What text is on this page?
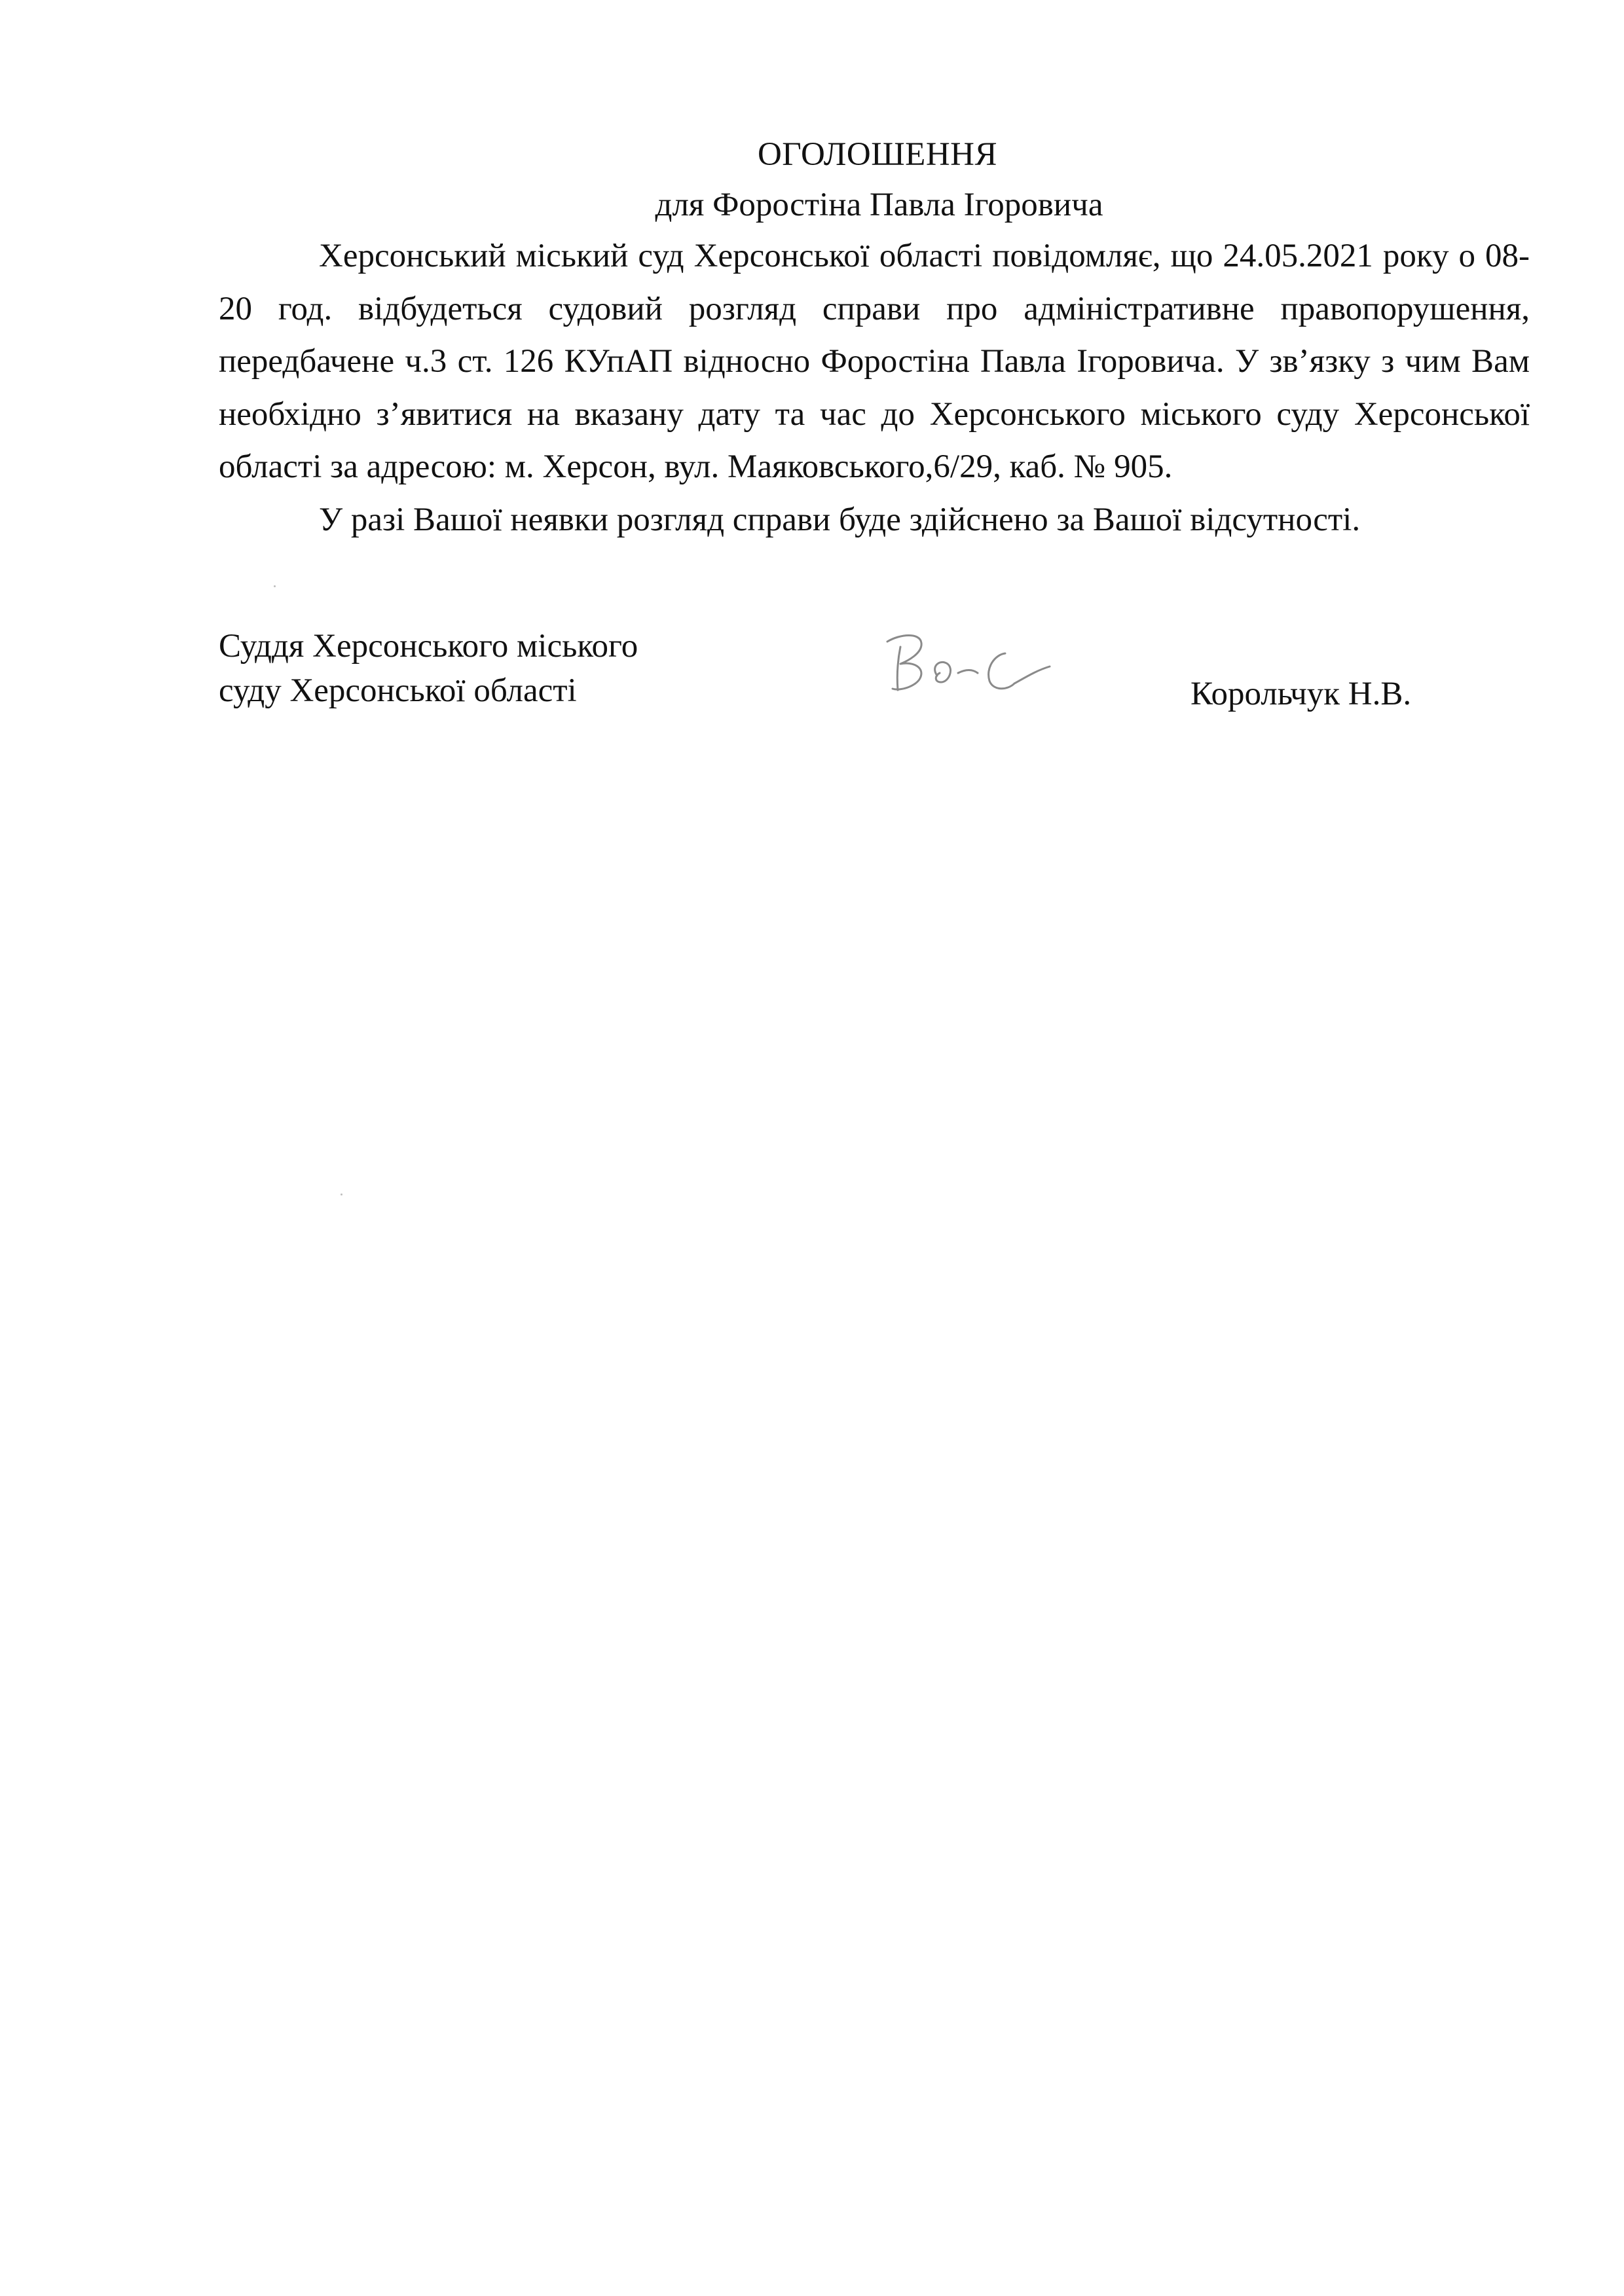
ОГОЛОШЕННЯ
для Форостіна Павла Ігоровича

Херсонський міський суд Херсонської області повідомляє, що 24.05.2021 року о 08-20 год. відбудеться судовий розгляд справи про адміністративне правопорушення, передбачене ч.3 ст. 126 КУпАП відносно Форостіна Павла Ігоровича. У зв’язку з чим Вам необхідно з’явитися на вказану дату та час до Херсонського міського суду Херсонської області за адресою: м. Херсон, вул. Маяковського,6/29, каб. № 905.

У разі Вашої неявки розгляд справи буде здійснено за Вашої відсутності.

Суддя Херсонського міського
суду Херсонської області	Корольчук Н.В.
